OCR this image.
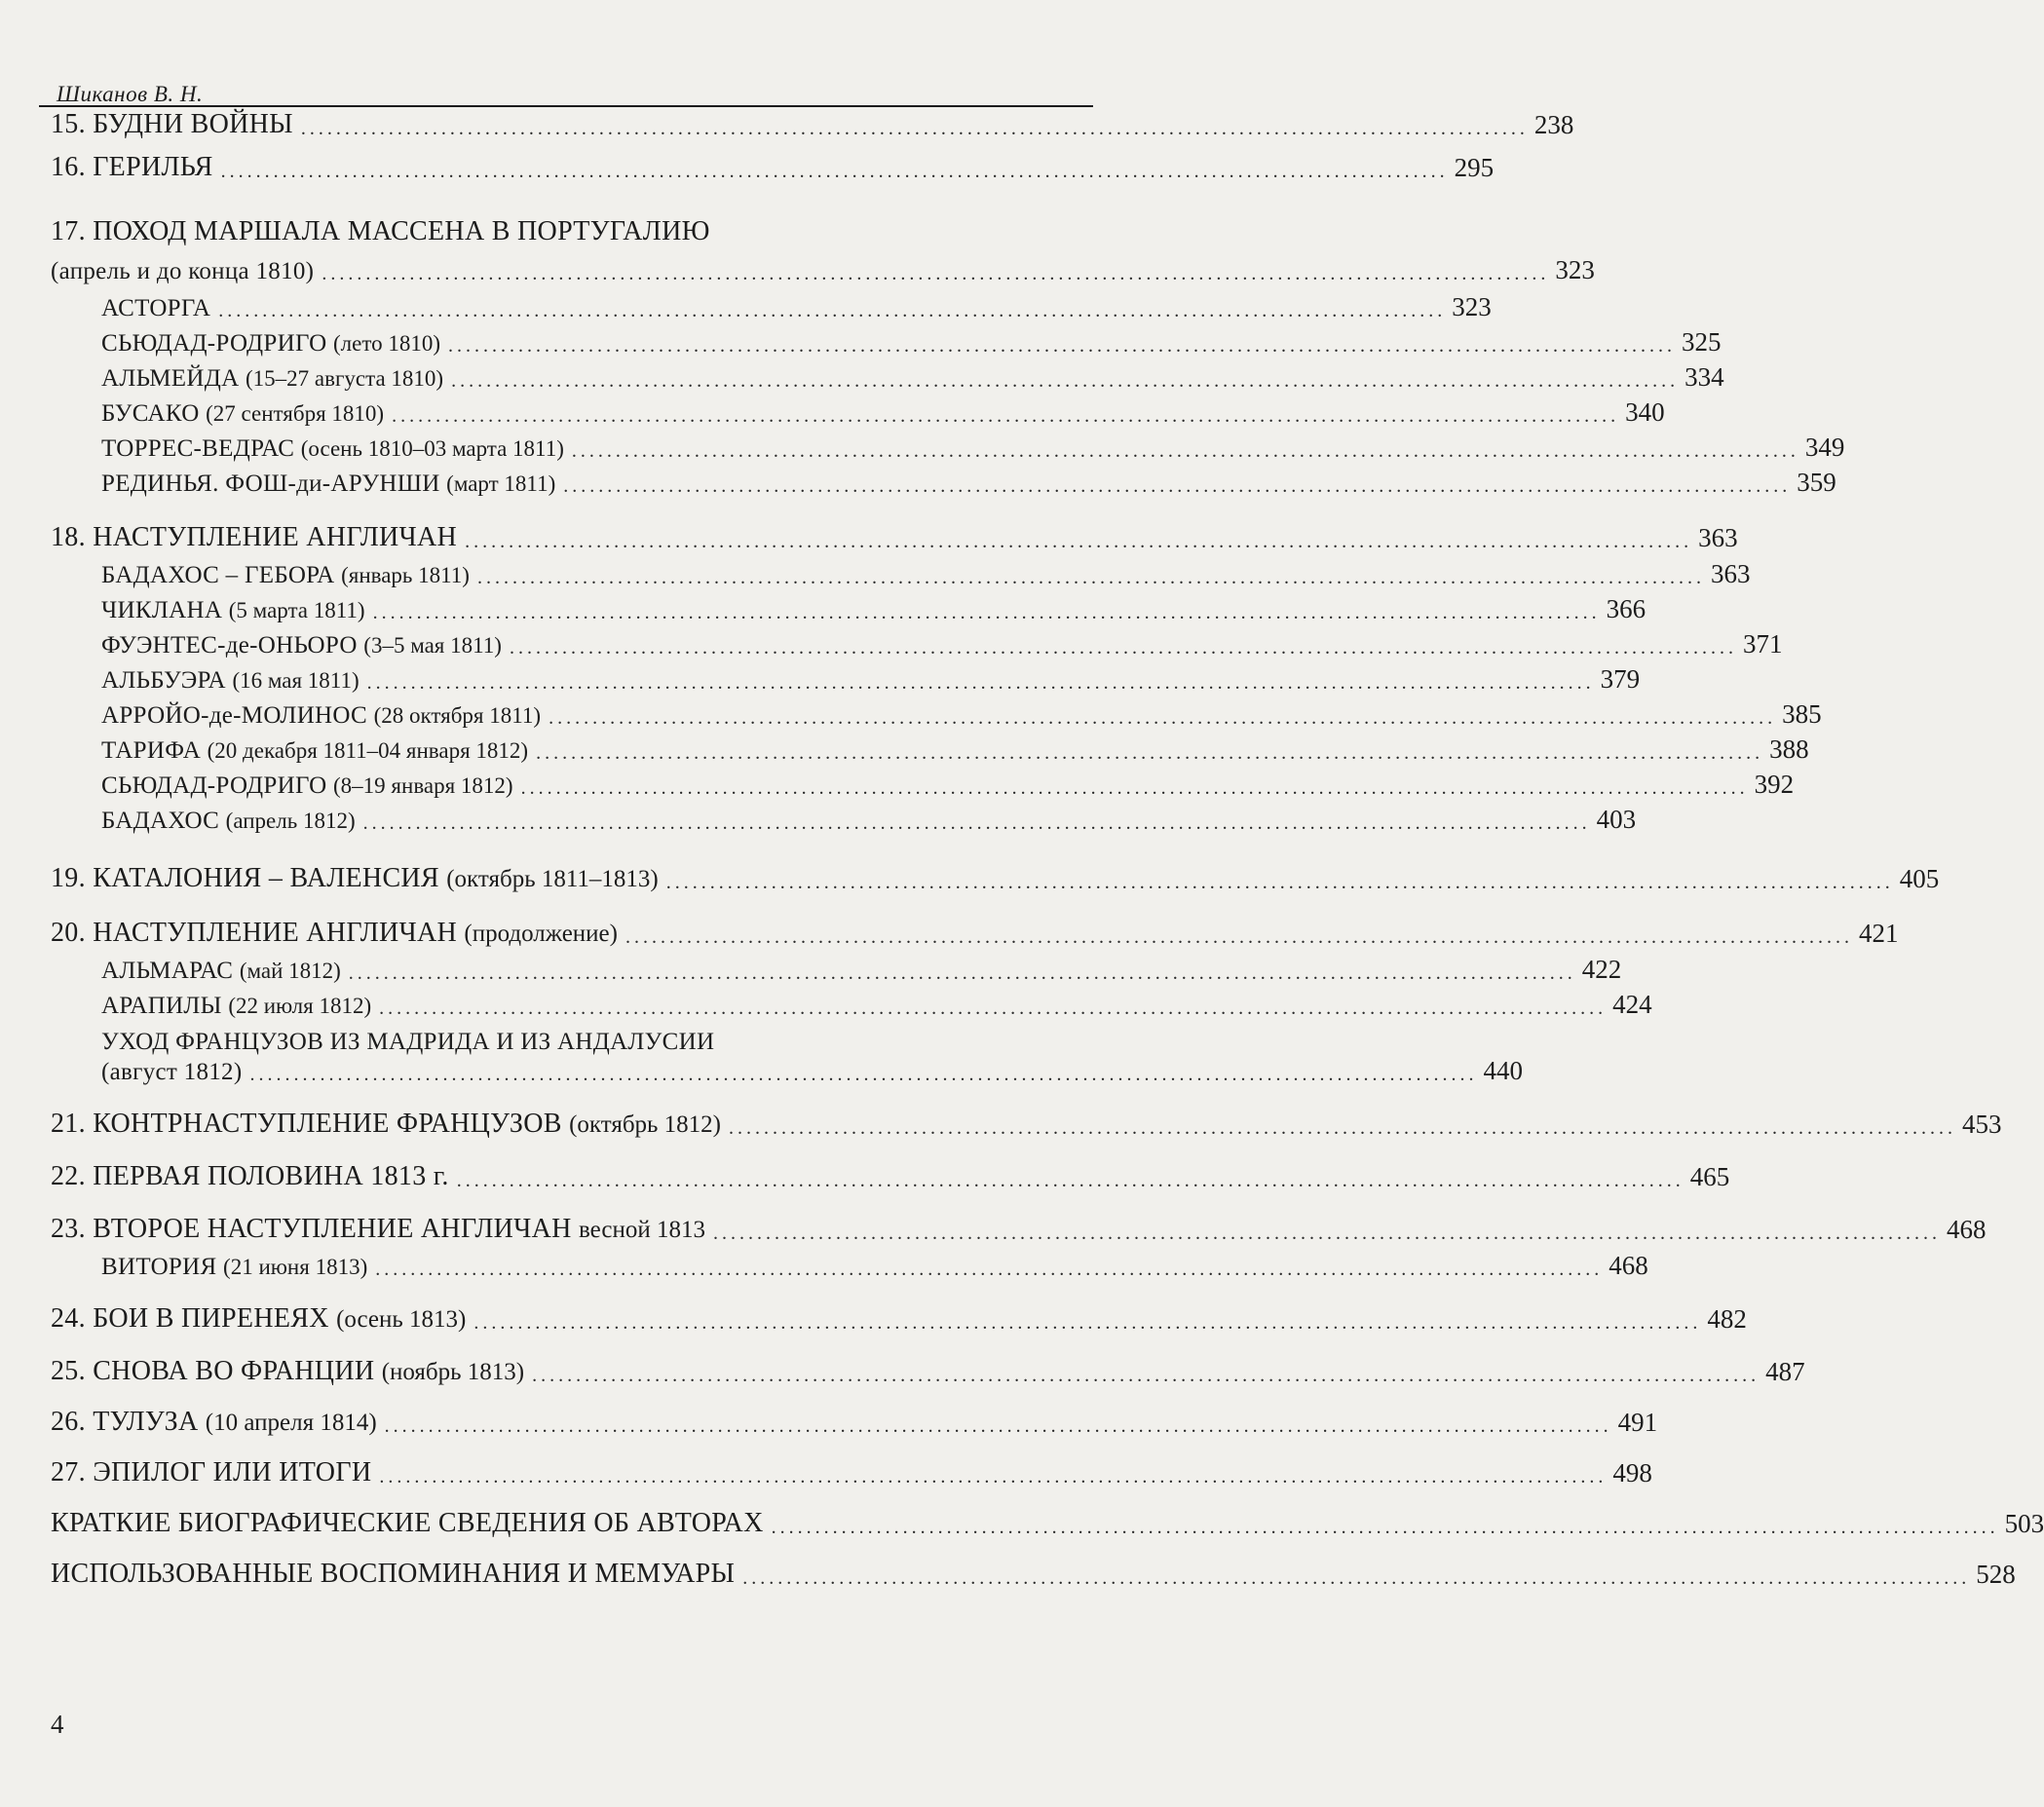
Шиканов В. Н.
15. БУДНИ ВОЙНЫ ............................................................................................................................................ 238
16. ГЕРИЛЬЯ ............................................................................................................................................ 295
17. ПОХОД МАРШАЛА МАССЕНА В ПОРТУГАЛИЮ
(апрель и до конца 1810) ............................................................................................................................................ 323
АСТОРГА ............................................................................................................................................ 323
СЬЮДАД-РОДРИГО (лето 1810) ............................................................................................................................................ 325
АЛЬМЕЙДА (15–27 августа 1810) ............................................................................................................................................ 334
БУСАКО (27 сентября 1810) ............................................................................................................................................ 340
ТОРРЕС-ВЕДРАС (осень 1810–03 марта 1811) ............................................................................................................................................ 349
РЕДИНЬЯ. ФОШ-ди-АРУНШИ (март 1811) ............................................................................................................................................ 359
18. НАСТУПЛЕНИЕ АНГЛИЧАН ............................................................................................................................................ 363
БАДАХОС – ГЕБОРА (январь 1811) ............................................................................................................................................ 363
ЧИКЛАНА (5 марта 1811) ............................................................................................................................................ 366
ФУЭНТЕС-де-ОНЬОРО (3–5 мая 1811) ............................................................................................................................................ 371
АЛЬБУЭРА (16 мая 1811) ............................................................................................................................................ 379
АРРОЙО-де-МОЛИНОС (28 октября 1811) ............................................................................................................................................ 385
ТАРИФА (20 декабря 1811–04 января 1812) ............................................................................................................................................ 388
СЬЮДАД-РОДРИГО (8–19 января 1812) ............................................................................................................................................ 392
БАДАХОС (апрель 1812) ............................................................................................................................................ 403
19. КАТАЛОНИЯ – ВАЛЕНСИЯ (октябрь 1811–1813) ............................................................................................................................................ 405
20. НАСТУПЛЕНИЕ АНГЛИЧАН (продолжение) ............................................................................................................................................ 421
АЛЬМАРАС (май 1812) ............................................................................................................................................ 422
АРАПИЛЫ (22 июля 1812) ............................................................................................................................................ 424
УХОД ФРАНЦУЗОВ ИЗ МАДРИДА И ИЗ АНДАЛУСИИ
(август 1812) ............................................................................................................................................ 440
21. КОНТРНАСТУПЛЕНИЕ ФРАНЦУЗОВ (октябрь 1812) ............................................................................................................................................ 453
22. ПЕРВАЯ ПОЛОВИНА 1813 г. ............................................................................................................................................ 465
23. ВТОРОЕ НАСТУПЛЕНИЕ АНГЛИЧАН весной 1813 ............................................................................................................................................ 468
ВИТОРИЯ (21 июня 1813) ............................................................................................................................................ 468
24. БОИ В ПИРЕНЕЯХ (осень 1813) ............................................................................................................................................ 482
25. СНОВА ВО ФРАНЦИИ (ноябрь 1813) ............................................................................................................................................ 487
26. ТУЛУЗА (10 апреля 1814) ............................................................................................................................................ 491
27. ЭПИЛОГ ИЛИ ИТОГИ ............................................................................................................................................ 498
КРАТКИЕ БИОГРАФИЧЕСКИЕ СВЕДЕНИЯ ОБ АВТОРАХ ............................................................................................................................................ 503
ИСПОЛЬЗОВАННЫЕ ВОСПОМИНАНИЯ И МЕМУАРЫ ............................................................................................................................................ 528
4
